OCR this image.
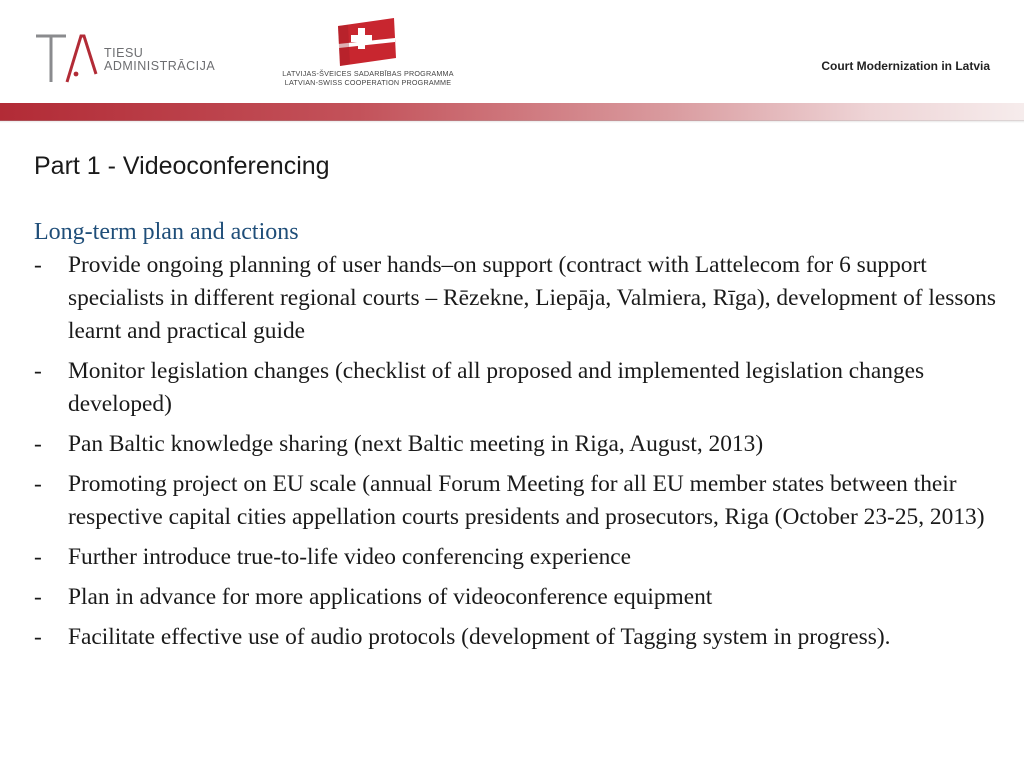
TIESU
ADMINISTRĀCIJA
LATVIJAS-ŠVEICES SADARBĪBAS PROGRAMMA
LATVIAN-SWISS COOPERATION PROGRAMME
Court Modernization in Latvia
Part 1 - Videoconferencing
Long-term plan and actions
-	Provide ongoing planning of user hands–on support (contract with Lattelecom for 6 support specialists in different regional courts – Rēzekne, Liepāja, Valmiera, Rīga), development of lessons learnt and practical guide
-	Monitor legislation changes (checklist of all proposed and implemented legislation changes developed)
-	Pan Baltic knowledge sharing (next Baltic meeting in Riga, August, 2013)
-	Promoting project on EU scale (annual Forum Meeting for all EU member states between their respective capital cities appellation courts presidents and prosecutors, Riga (October 23-25, 2013)
-	Further introduce true-to-life video conferencing experience
-	Plan in advance for more applications of videoconference equipment
-	Facilitate effective use of audio protocols (development of Tagging system in progress).
